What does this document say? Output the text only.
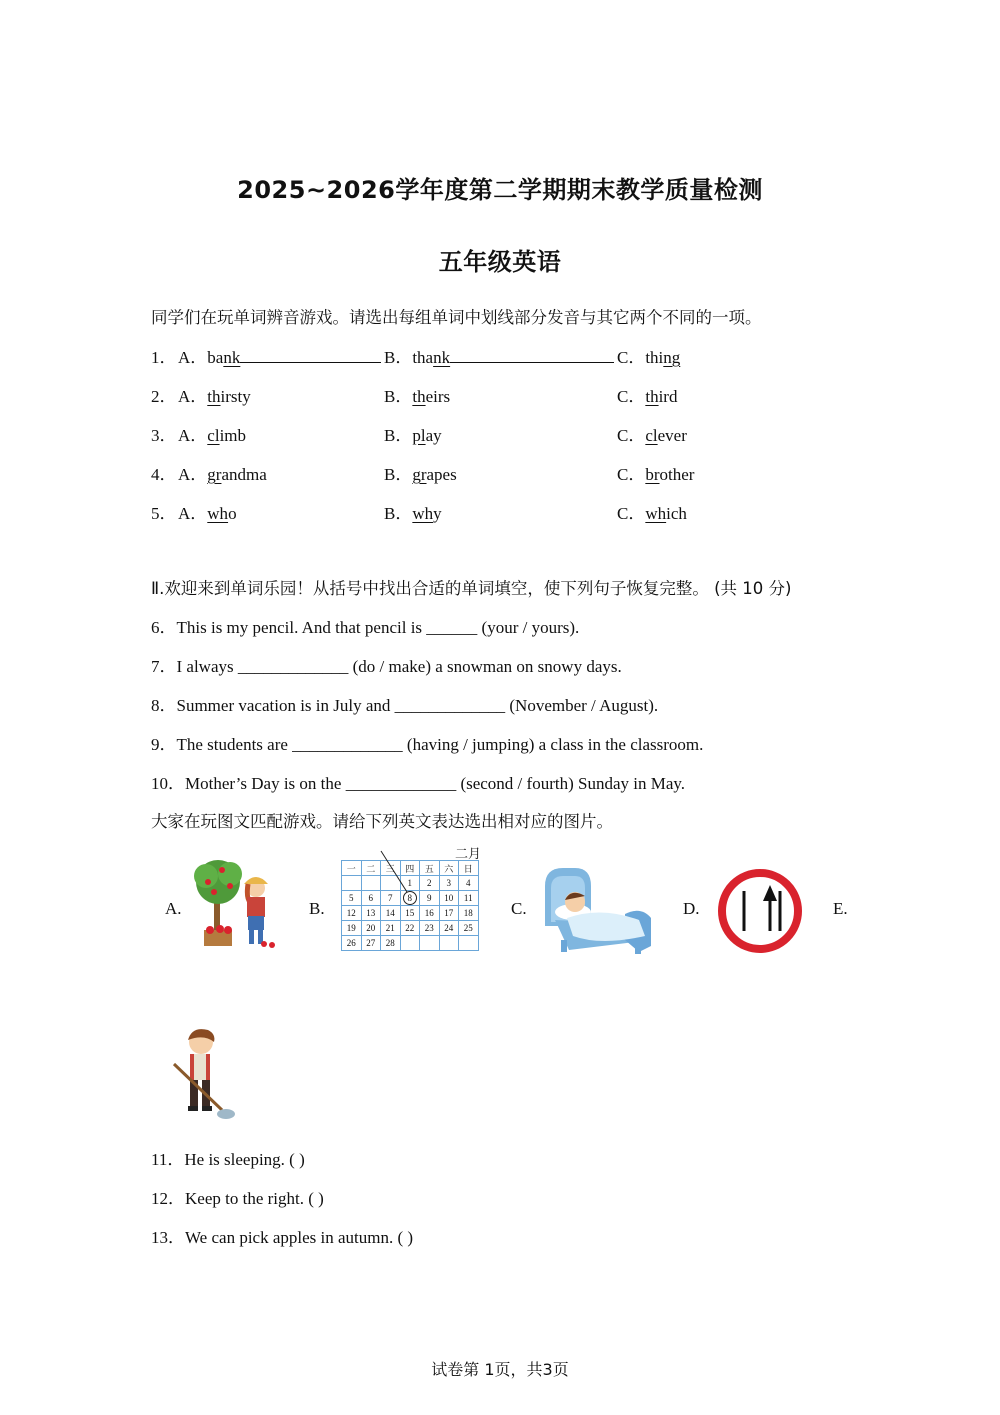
2025~2026学年度第二学期期末教学质量检测
五年级英语
同学们在玩单词辨音游戏。请选出每组单词中划线部分发音与其它两个不同的一项。
1． A．bank	B．thank	C．thing
2． A．thirsty	B．theirs	C．third
3． A．climb	B．play	C．clever
4． A．grandma	B．grapes	C．brother
5． A．who	B．why	C．which
Ⅱ.欢迎来到单词乐园！从括号中找出合适的单词填空，使下列句子恢复完整。 (共 10 分)
6．This is my pencil. And that pencil is ______ (your / yours).
7．I always _____________ (do / make) a snowman on snowy days.
8．Summer vacation is in July and _____________ (November / August).
9．The students are _____________ (having / jumping) a class in the classroom.
10．Mother’s Day is on the _____________ (second / fourth) Sunday in May.
大家在玩图文匹配游戏。请给下列英文表达选出相对应的图片。
A.	B.	C.	D.	E.
二月
一	二	三	四	五	六	日
			1	2	3	4
5	6	7	8	9	10	11
12	13	14	15	16	17	18
19	20	21	22	23	24	25
26	27	28				
11．He is sleeping. ( )
12．Keep to the right. ( )
13．We can pick apples in autumn. ( )
试卷第 1页，共3页
